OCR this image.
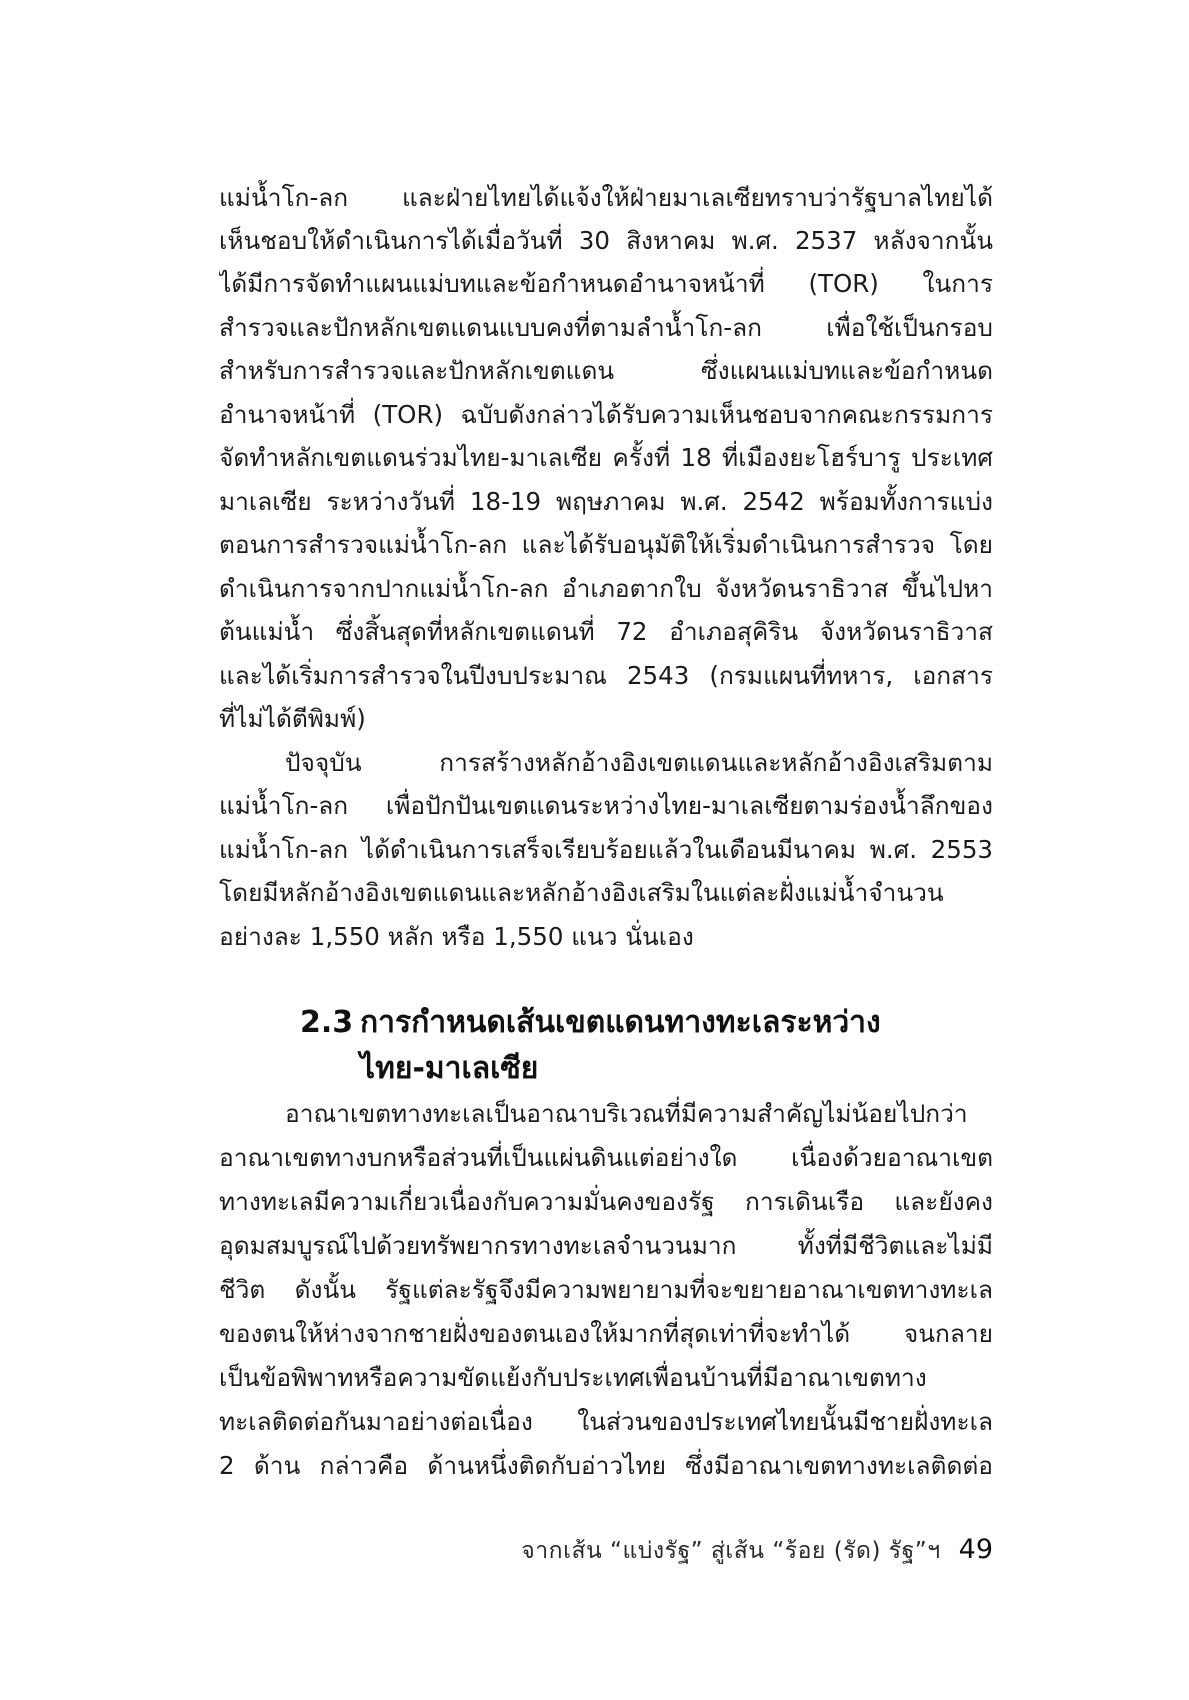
แม่น้ำโก-ลก และฝ่ายไทยได้แจ้งให้ฝ่ายมาเลเซียทราบว่ารัฐบาลไทยได้
เห็นชอบให้ดำเนินการได้เมื่อวันที่ 30 สิงหาคม พ.ศ. 2537 หลังจากนั้น
ได้มีการจัดทำแผนแม่บทและข้อกำหนดอำนาจหน้าที่ (TOR) ในการ
สำรวจและปักหลักเขตแดนแบบคงที่ตามลำน้ำโก-ลก เพื่อใช้เป็นกรอบ
สำหรับการสำรวจและปักหลักเขตแดน ซึ่งแผนแม่บทและข้อกำหนด
อำนาจหน้าที่ (TOR) ฉบับดังกล่าวได้รับความเห็นชอบจากคณะกรรมการ
จัดทำหลักเขตแดนร่วมไทย-มาเลเซีย ครั้งที่ 18 ที่เมืองยะโฮร์บารู ประเทศ
มาเลเซีย ระหว่างวันที่ 18-19 พฤษภาคม พ.ศ. 2542 พร้อมทั้งการแบ่ง
ตอนการสำรวจแม่น้ำโก-ลก และได้รับอนุมัติให้เริ่มดำเนินการสำรวจ โดย
ดำเนินการจากปากแม่น้ำโก-ลก อำเภอตากใบ จังหวัดนราธิวาส ขึ้นไปหา
ต้นแม่น้ำ ซึ่งสิ้นสุดที่หลักเขตแดนที่ 72 อำเภอสุคิริน จังหวัดนราธิวาส
และได้เริ่มการสำรวจในปีงบประมาณ 2543 (กรมแผนที่ทหาร, เอกสาร
ที่ไม่ได้ตีพิมพ์)
ปัจจุบัน การสร้างหลักอ้างอิงเขตแดนและหลักอ้างอิงเสริมตาม
แม่น้ำโก-ลก เพื่อปักปันเขตแดนระหว่างไทย-มาเลเซียตามร่องน้ำลึกของ
แม่น้ำโก-ลก ได้ดำเนินการเสร็จเรียบร้อยแล้วในเดือนมีนาคม พ.ศ. 2553
โดยมีหลักอ้างอิงเขตแดนและหลักอ้างอิงเสริมในแต่ละฝั่งแม่น้ำจำนวน
อย่างละ 1,550 หลัก หรือ 1,550 แนว นั่นเอง
2.3 การกำหนดเส้นเขตแดนทางทะเลระหว่าง
ไทย-มาเลเซีย
อาณาเขตทางทะเลเป็นอาณาบริเวณที่มีความสำคัญไม่น้อยไปกว่า
อาณาเขตทางบกหรือส่วนที่เป็นแผ่นดินแต่อย่างใด เนื่องด้วยอาณาเขต
ทางทะเลมีความเกี่ยวเนื่องกับความมั่นคงของรัฐ การเดินเรือ และยังคง
อุดมสมบูรณ์ไปด้วยทรัพยากรทางทะเลจำนวนมาก ทั้งที่มีชีวิตและไม่มี
ชีวิต ดังนั้น รัฐแต่ละรัฐจึงมีความพยายามที่จะขยายอาณาเขตทางทะเล
ของตนให้ห่างจากชายฝั่งของตนเองให้มากที่สุดเท่าที่จะทำได้ จนกลาย
เป็นข้อพิพาทหรือความขัดแย้งกับประเทศเพื่อนบ้านที่มีอาณาเขตทาง
ทะเลติดต่อกันมาอย่างต่อเนื่อง ในส่วนของประเทศไทยนั้นมีชายฝั่งทะเล
2 ด้าน กล่าวคือ ด้านหนึ่งติดกับอ่าวไทย ซึ่งมีอาณาเขตทางทะเลติดต่อ
จากเส้น “แบ่งรัฐ” สู่เส้น “ร้อย (รัด) รัฐ”ฯ 49
